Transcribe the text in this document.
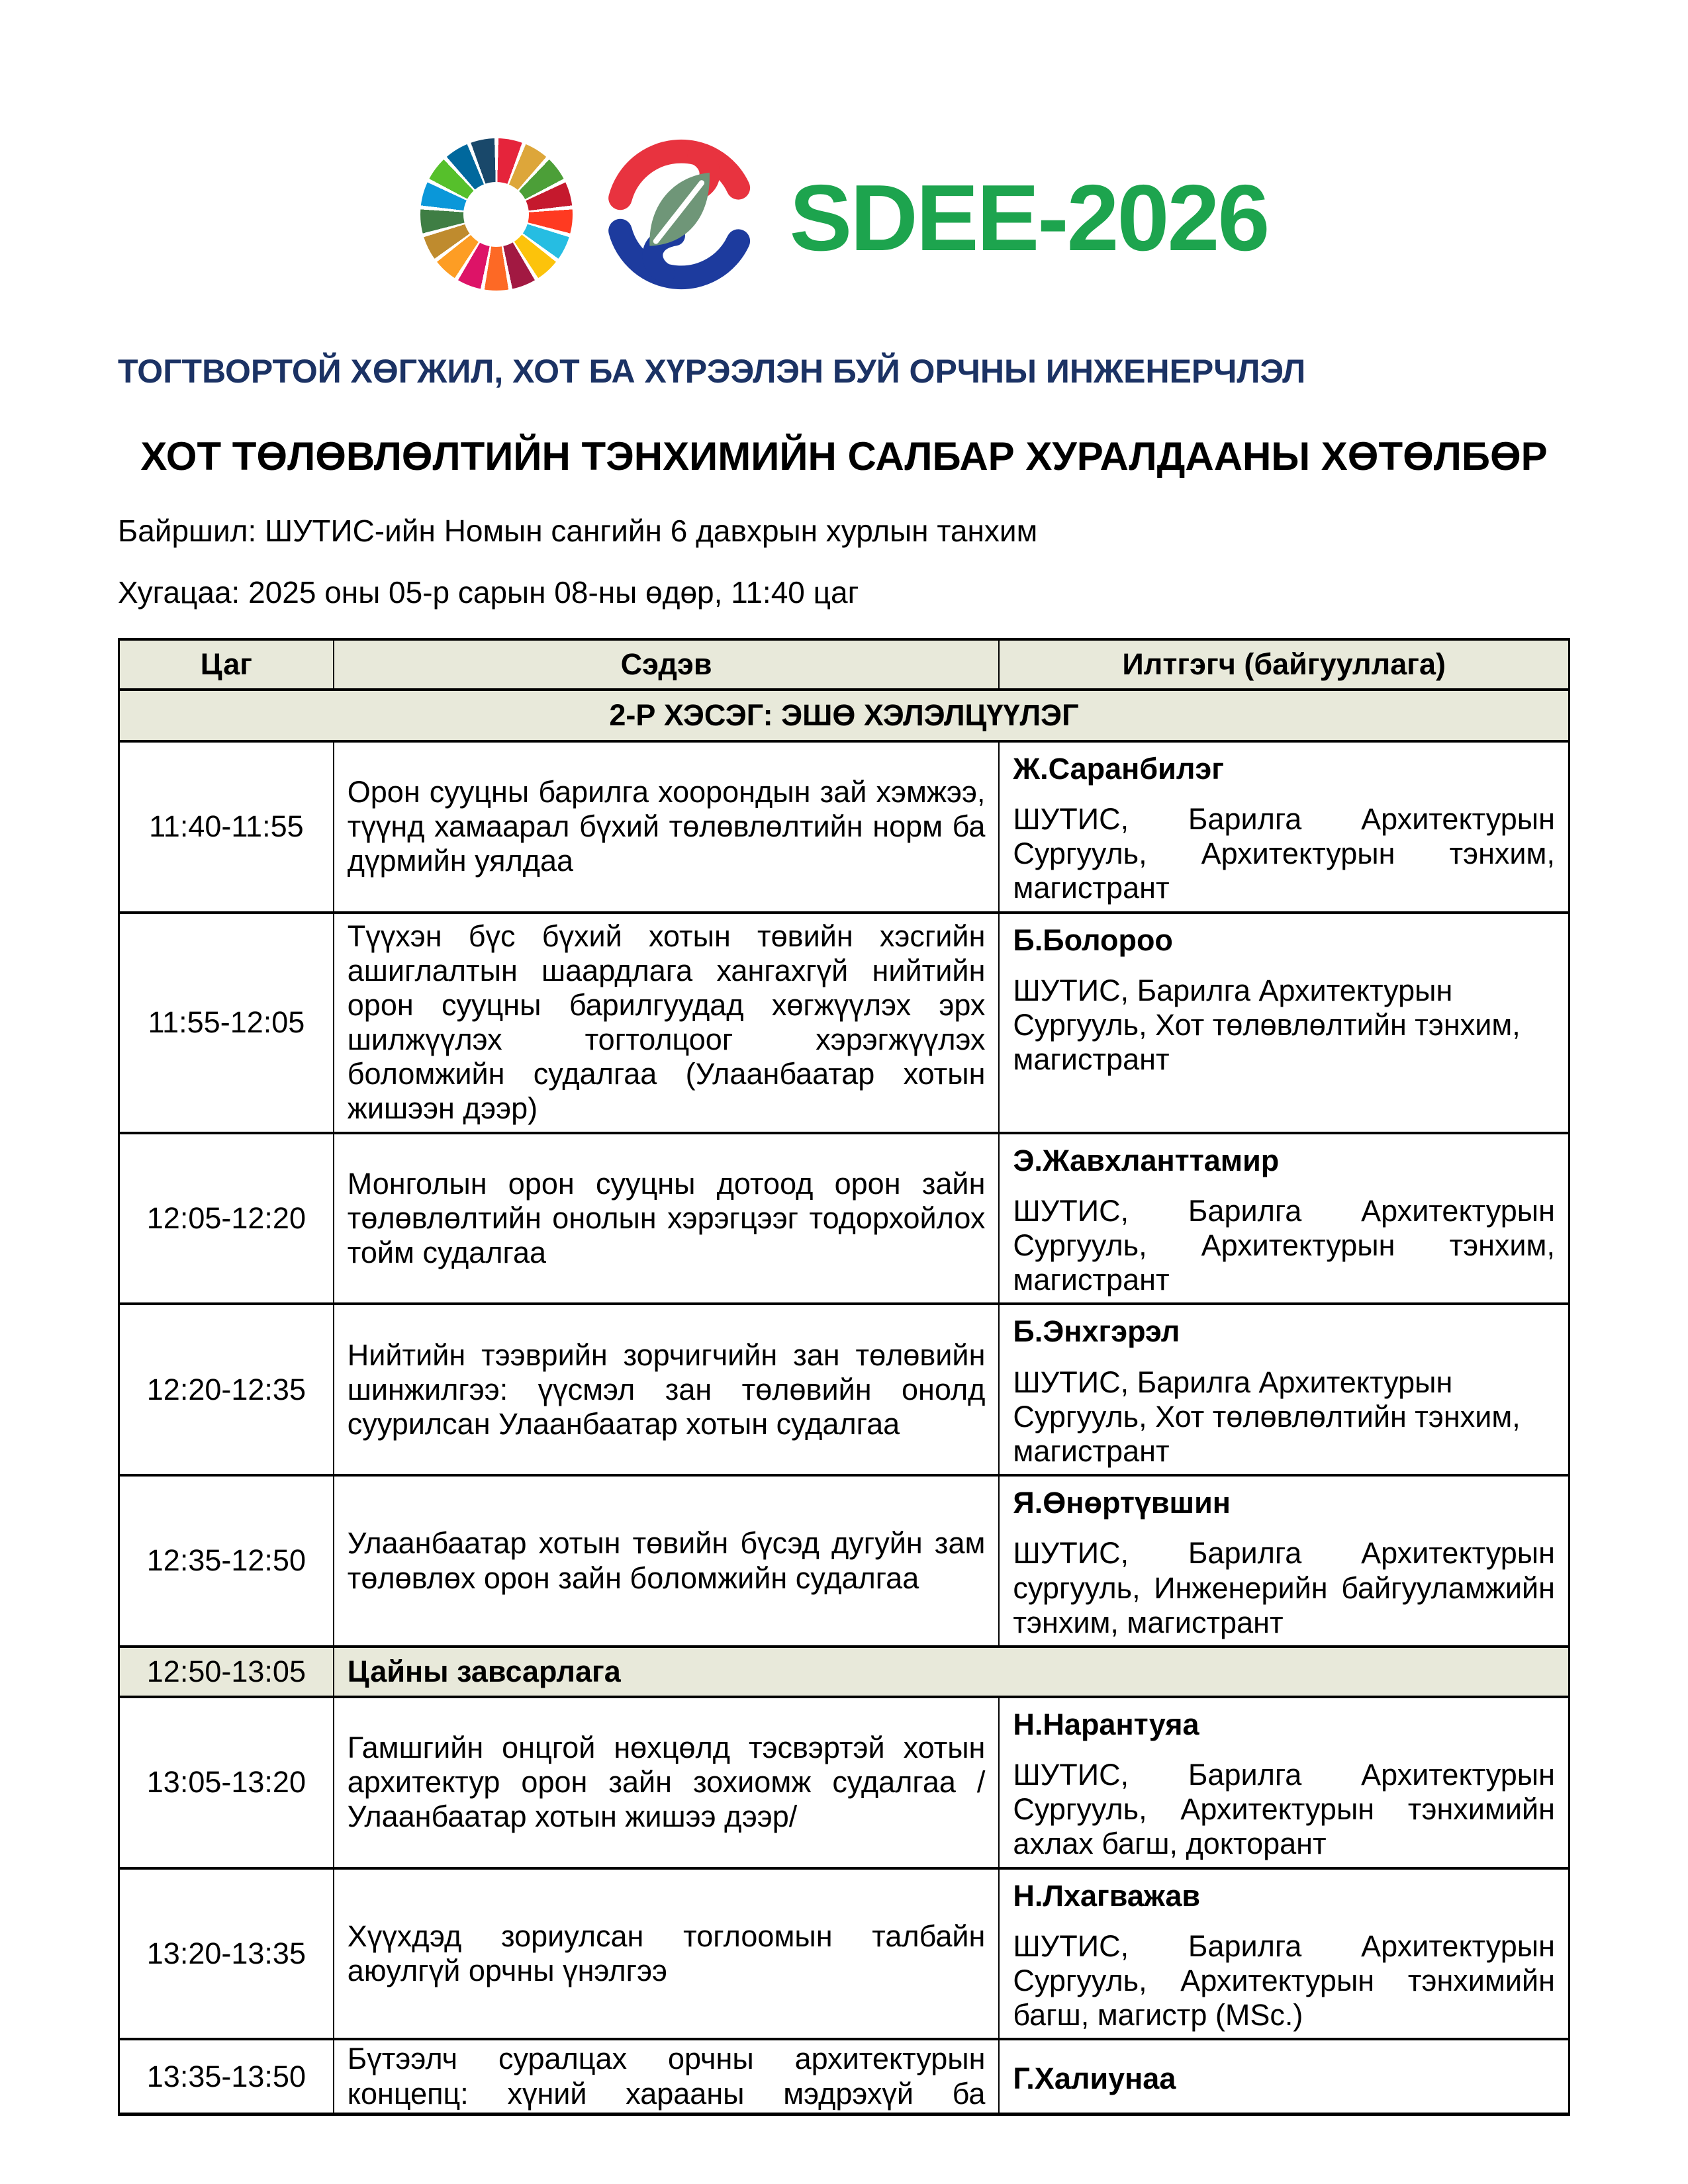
SDEE-2026
ТОГТВОРТОЙ ХӨГЖИЛ, ХОТ БА ХҮРЭЭЛЭН БУЙ ОРЧНЫ ИНЖЕНЕРЧЛЭЛ
ХОТ ТӨЛӨВЛӨЛТИЙН ТЭНХИМИЙН САЛБАР ХУРАЛДААНЫ ХӨТӨЛБӨР

Байршил: ШУТИС-ийн Номын сангийн 6 давхрын хурлын танхим

Хугацаа: 2025 оны 05-р сарын 08-ны өдөр, 11:40 цаг

Цаг	Сэдэв	Илтгэгч (байгууллага)
2-Р ХЭСЭГ: ЭШӨ ХЭЛЭЛЦҮҮЛЭГ		
11:40-11:55	Орон сууцны барилга хоорондын зай хэмжээ, түүнд хамаарал бүхий төлөвлөлтийн норм ба дүрмийн уялдаа	Ж.Саранбилэг
ШУТИС, Барилга Архитектурын Сургууль, Архитектурын тэнхим, магистрант

11:55-12:05	Түүхэн бүс бүхий хотын төвийн хэсгийн ашиглалтын шаардлага хангахгүй нийтийн орон сууцны барилгуудад хөгжүүлэх эрх шилжүүлэх тогтолцоог хэрэгжүүлэх боломжийн судалгаа (Улаанбаатар хотын жишээн дээр)	Б.Болороо
ШУТИС, Барилга Архитектурын Сургууль, Хот төлөвлөлтийн тэнхим, магистрант

12:05-12:20	Монголын орон сууцны дотоод орон зайн төлөвлөлтийн онолын хэрэгцээг тодорхойлох тойм судалгаа	Э.Жавхланттамир
ШУТИС, Барилга Архитектурын Сургууль, Архитектурын тэнхим, магистрант

12:20-12:35	Нийтийн тээврийн зорчигчийн зан төлөвийн шинжилгээ: үүсмэл зан төлөвийн онолд суурилсан Улаанбаатар хотын судалгаа	Б.Энхгэрэл
ШУТИС, Барилга Архитектурын Сургууль, Хот төлөвлөлтийн тэнхим, магистрант

12:35-12:50	Улаанбаатар хотын төвийн бүсэд дугуйн зам төлөвлөх орон зайн боломжийн судалгаа	Я.Өнөртүвшин
ШУТИС, Барилга Архитектурын сургууль, Инженерийн байгууламжийн тэнхим, магистрант

12:50-13:05	Цайны завсарлага	
13:05-13:20	Гамшгийн онцгой нөхцөлд тэсвэртэй хотын архитектур орон зайн зохиомж судалгаа /Улаанбаатар хотын жишээ дээр/	Н.Нарантуяа
ШУТИС, Барилга Архитектурын Сургууль, Архитектурын тэнхимийн ахлах багш, докторант

13:20-13:35	Хүүхдэд зориулсан тоглоомын талбайн аюулгүй орчны үнэлгээ	Н.Лхагважав
ШУТИС, Барилга Архитектурын Сургууль, Архитектурын тэнхимийн багш, магистр (MSc.)

13:35-13:50	Бүтээлч суралцах орчны архитектурын концепц: хүний харааны мэдрэхүй ба	Г.Халиунаа
